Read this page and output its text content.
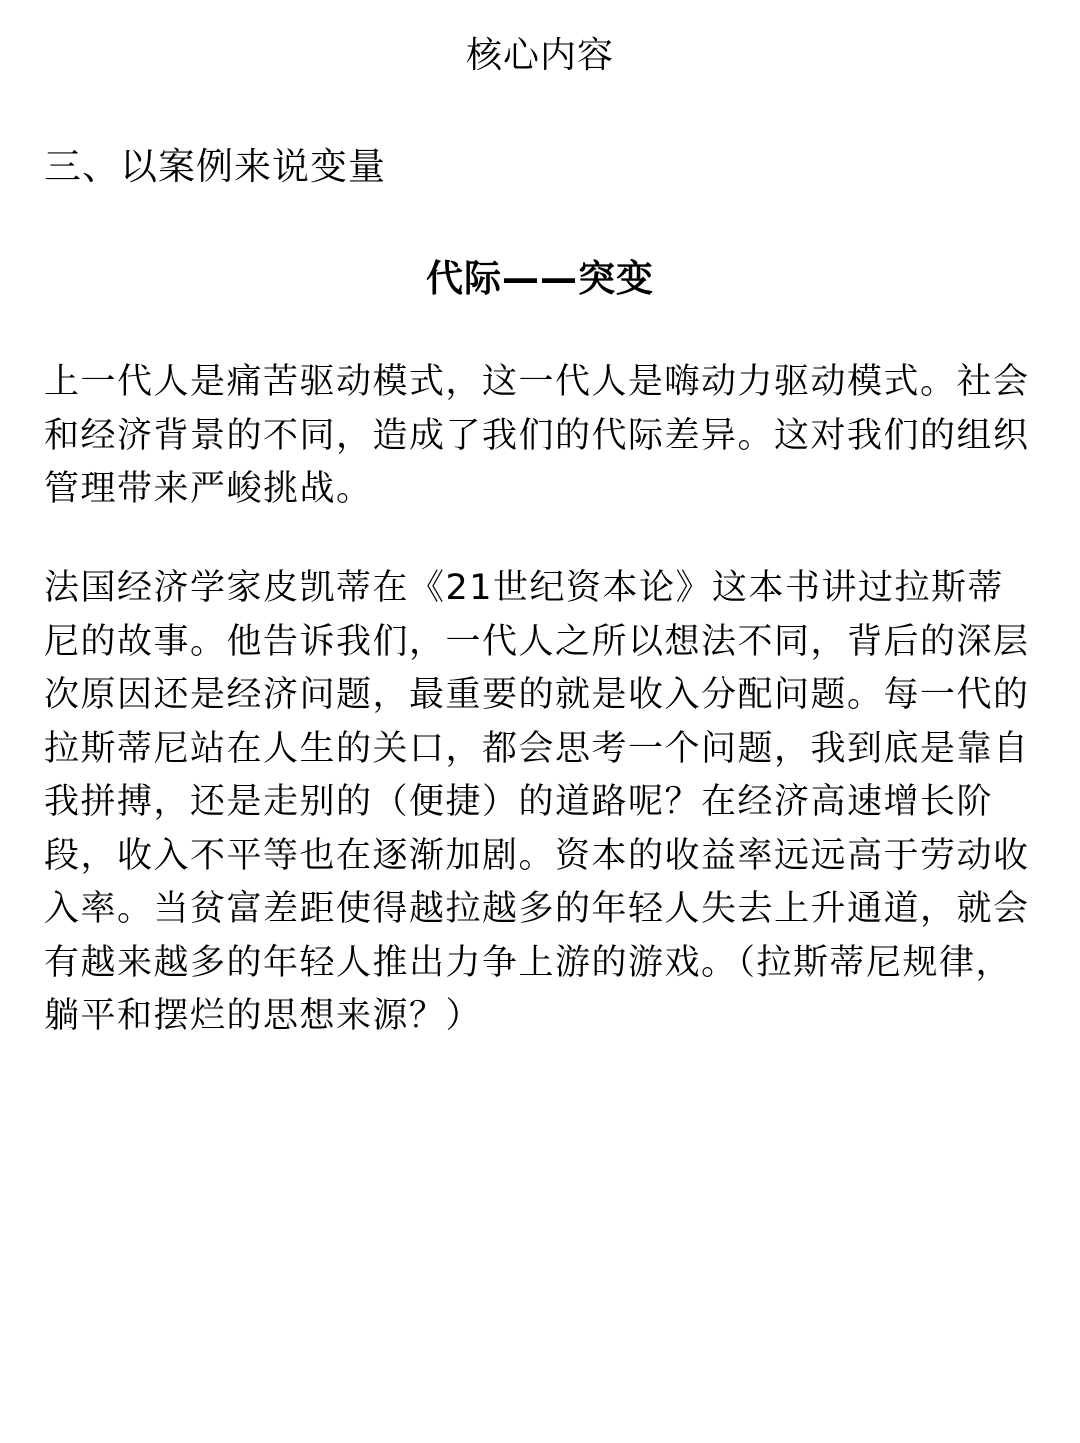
核心内容
三、以案例来说变量
代际——突变

上一代人是痛苦驱动模式，这一代人是嗨动力驱动模式。社会和经济背景的不同，造成了我们的代际差异。这对我们的组织管理带来严峻挑战。

法国经济学家皮凯蒂在《21世纪资本论》这本书讲过拉斯蒂尼的故事。他告诉我们，一代人之所以想法不同，背后的深层次原因还是经济问题，最重要的就是收入分配问题。每一代的拉斯蒂尼站在人生的关口，都会思考一个问题，我到底是靠自我拼搏，还是走别的（便捷）的道路呢？在经济高速增长阶段，收入不平等也在逐渐加剧。资本的收益率远远高于劳动收入率。当贫富差距使得越拉越多的年轻人失去上升通道，就会有越来越多的年轻人推出力争上游的游戏。（拉斯蒂尼规律，躺平和摆烂的思想来源？）
